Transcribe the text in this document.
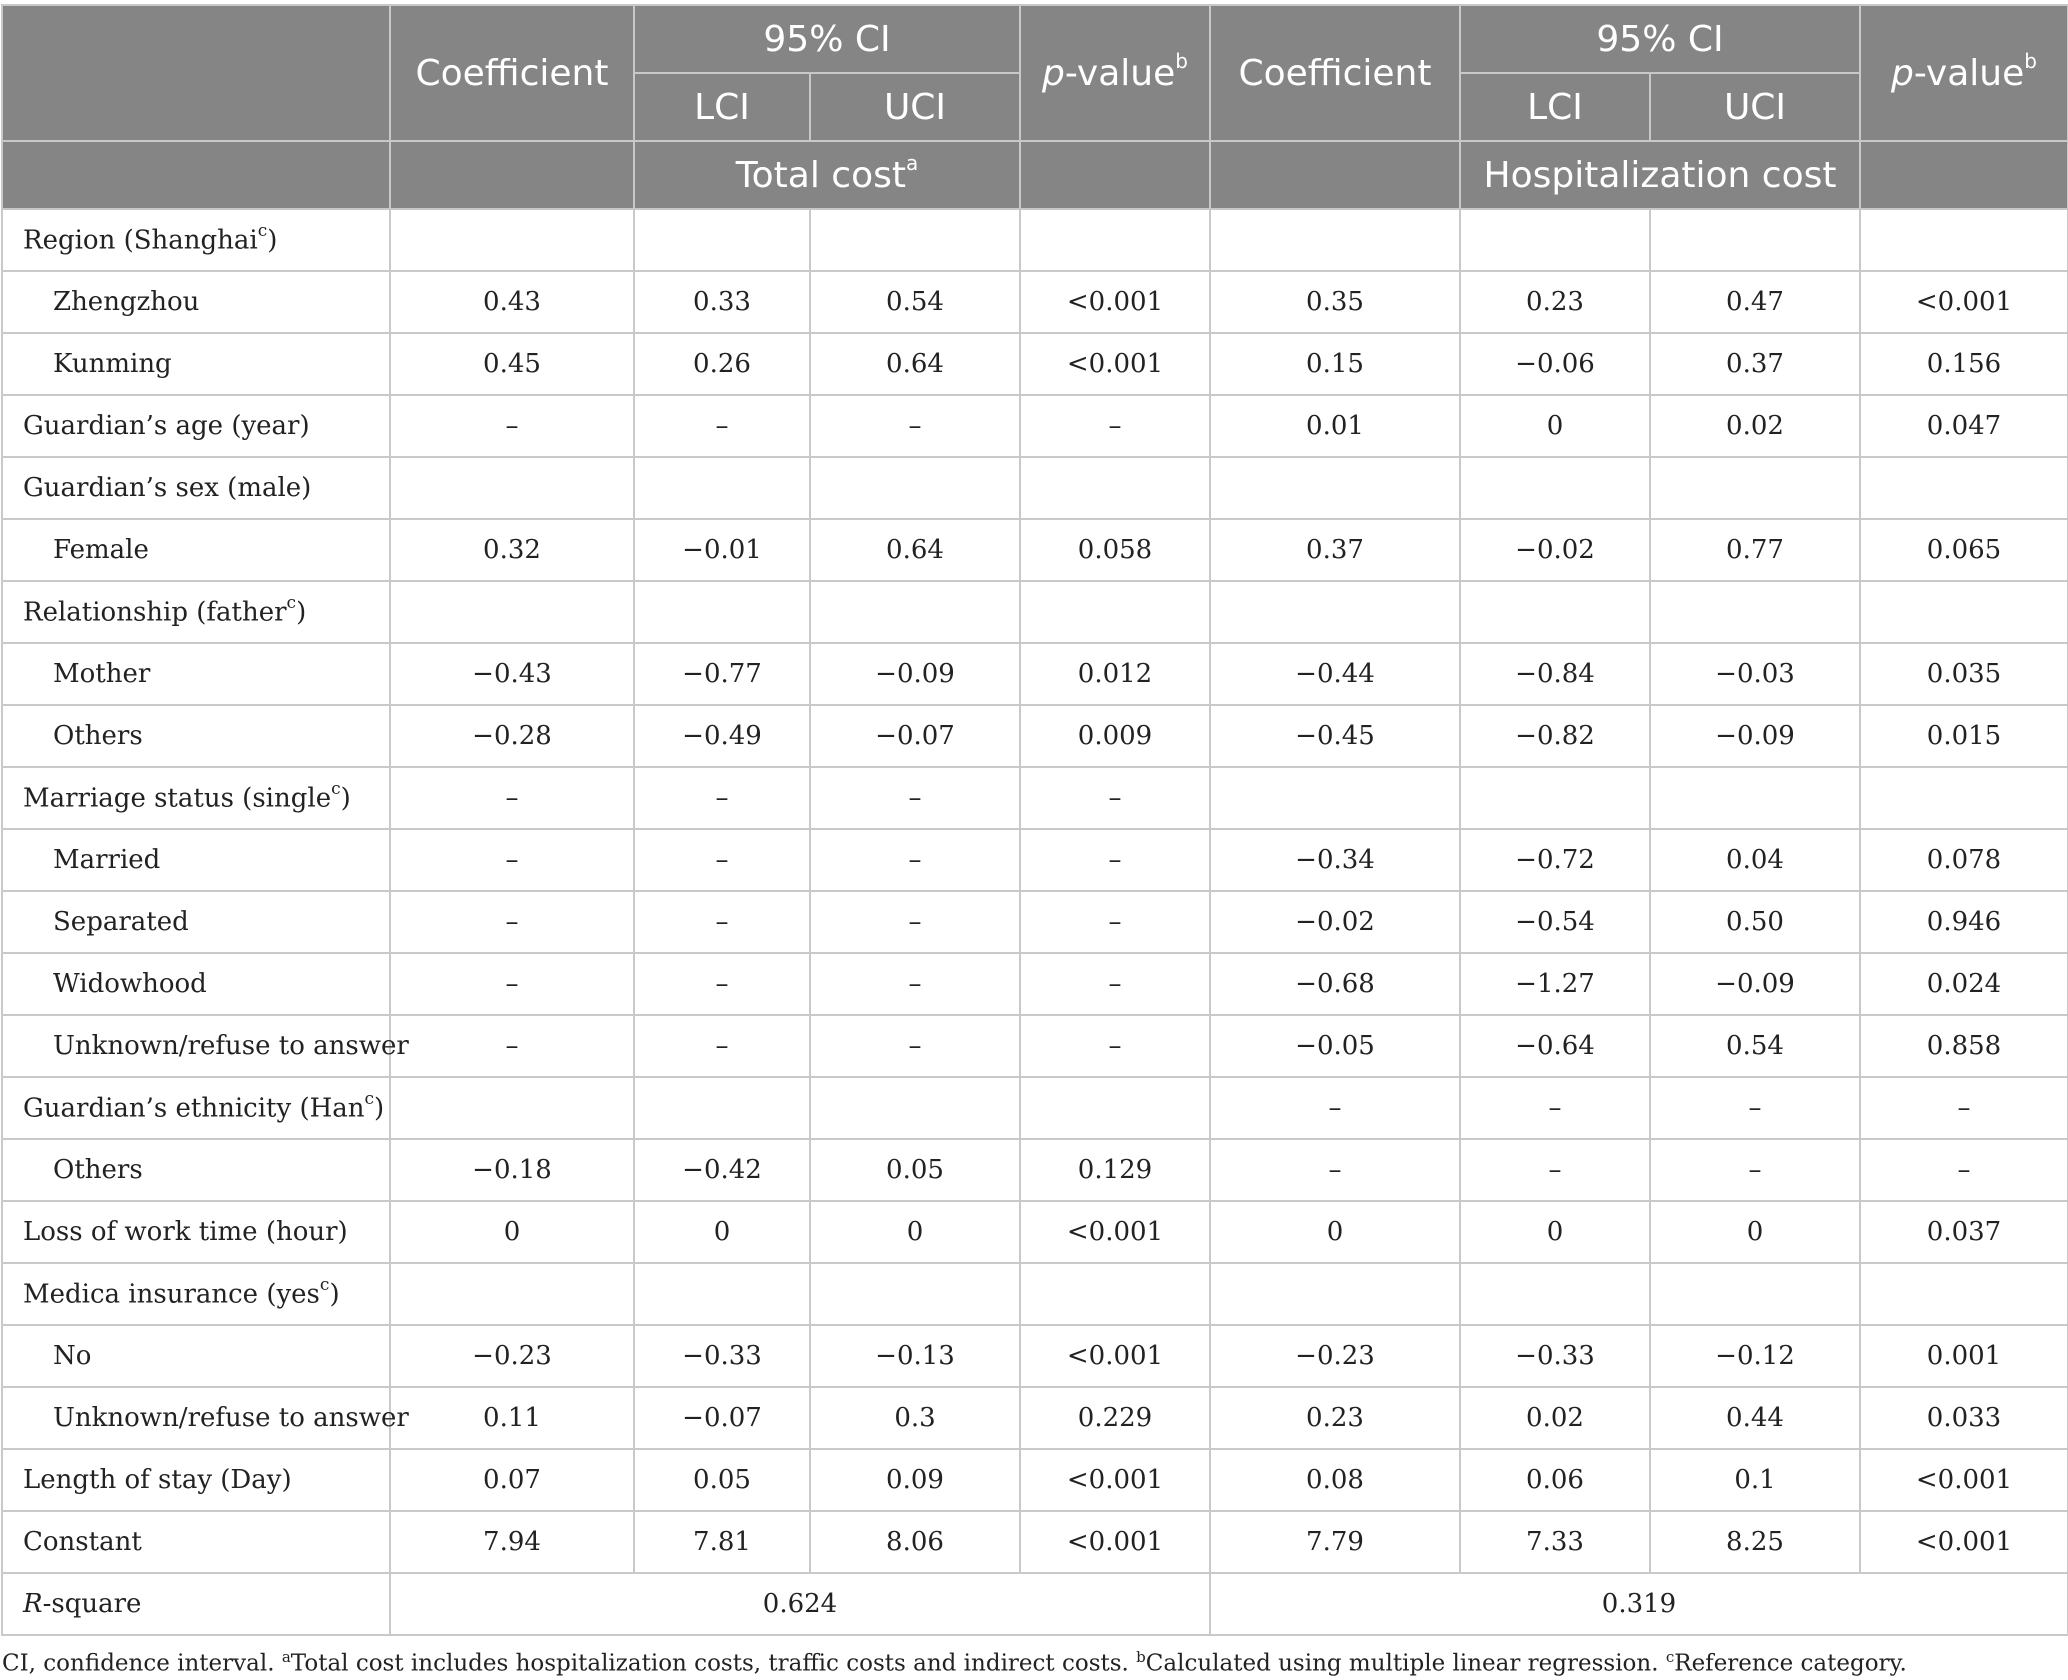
	Coefficient	95% CI		p-value$^b$	Coefficient	95% CI		p-value$^b$
		LCI	UCI			LCI	UCI	
		Total cost$^a$				Hospitalization cost		
Region (Shanghai$^c$)								
Zhengzhou	0.43	0.33	0.54	<0.001	0.35	0.23	0.47	<0.001
Kunming	0.45	0.26	0.64	<0.001	0.15	−0.06	0.37	0.156
Guardian’s age (year)	–	–	–	–	0.01	0	0.02	0.047
Guardian’s sex (male)								
Female	0.32	−0.01	0.64	0.058	0.37	−0.02	0.77	0.065
Relationship (father$^c$)								
Mother	−0.43	−0.77	−0.09	0.012	−0.44	−0.84	−0.03	0.035
Others	−0.28	−0.49	−0.07	0.009	−0.45	−0.82	−0.09	0.015
Marriage status (single$^c$)	–	–	–	–				
Married	–	–	–	–	−0.34	−0.72	0.04	0.078
Separated	–	–	–	–	−0.02	−0.54	0.50	0.946
Widowhood	–	–	–	–	−0.68	−1.27	−0.09	0.024
Unknown/refuse to answer	–	–	–	–	−0.05	−0.64	0.54	0.858
Guardian’s ethnicity (Han$^c$)					–	–	–	–
Others	−0.18	−0.42	0.05	0.129	–	–	–	–
Loss of work time (hour)	0	0	0	<0.001	0	0	0	0.037
Medica insurance (yes$^c$)								
No	−0.23	−0.33	−0.13	<0.001	−0.23	−0.33	−0.12	0.001
Unknown/refuse to answer	0.11	−0.07	0.3	0.229	0.23	0.02	0.44	0.033
Length of stay (Day)	0.07	0.05	0.09	<0.001	0.08	0.06	0.1	<0.001
Constant	7.94	7.81	8.06	<0.001	7.79	7.33	8.25	<0.001
R-square	0.624				0.319			
CI, confidence interval. $^a$Total cost includes hospitalization costs, traffic costs and indirect costs. $^b$Calculated using multiple linear regression. $^c$Reference category.
